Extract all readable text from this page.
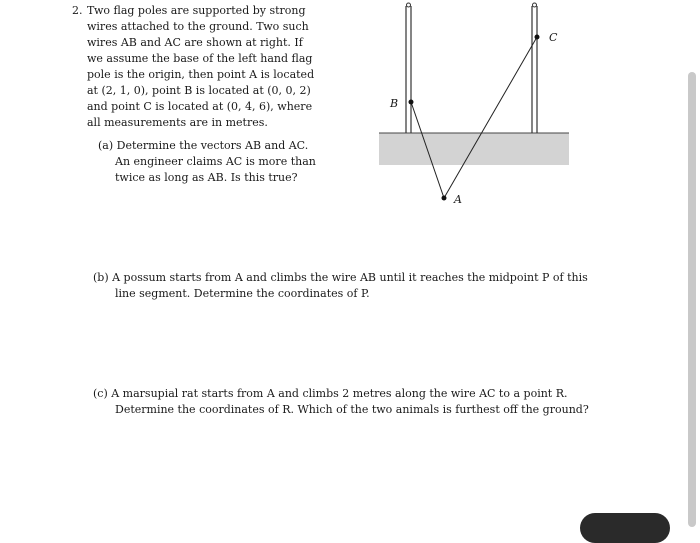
2. Two flag poles are supported by strong
wires attached to the ground. Two such
wires AB and AC are shown at right. If
we assume the base of the left hand flag
pole is the origin, then point A is located
at (2, 1, 0), point B is located at (0, 0, 2)
and point C is located at (0, 4, 6), where
all measurements are in metres.
(a) Determine the vectors AB and AC.
An engineer claims AC is more than
twice as long as AB. Is this true?
(b) A possum starts from A and climbs the wire AB until it reaches the midpoint P of this
line segment. Determine the coordinates of P.
(c) A marsupial rat starts from A and climbs 2 metres along the wire AC to a point R.
Determine the coordinates of R. Which of the two animals is furthest off the ground?
B
C
A
